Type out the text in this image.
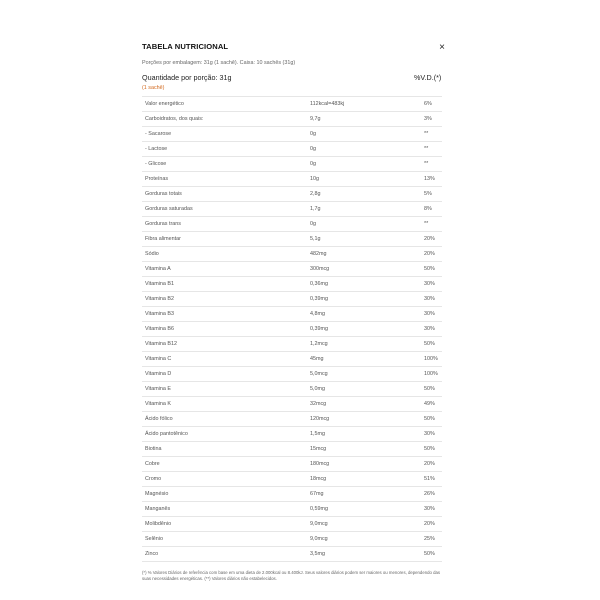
TABELA NUTRICIONAL	×
Porções por embalagem: 31g (1 sachê). Caixa: 10 sachês (31g)
Quantidade por porção: 31g	%V.D.(*)
(1 sachê)
Valor energético	112kcal=483kj	6%
Carboidratos, dos quais:	9,7g	3%
- Sacarose	0g	**
- Lactose	0g	**
- Glicose	0g	**
Proteínas	10g	13%
Gorduras totais	2,8g	5%
Gorduras saturadas	1,7g	8%
Gorduras trans	0g	**
Fibra alimentar	5,1g	20%
Sódio	482mg	20%
Vitamina A	300mcg	50%
Vitamina B1	0,36mg	30%
Vitamina B2	0,39mg	30%
Vitamina B3	4,8mg	30%
Vitamina B6	0,39mg	30%
Vitamina B12	1,2mcg	50%
Vitamina C	45mg	100%
Vitamina D	5,0mcg	100%
Vitamina E	5,0mg	50%
Vitamina K	32mcg	49%
Ácido fólico	120mcg	50%
Ácido pantotênico	1,5mg	30%
Biotina	15mcg	50%
Cobre	180mcg	20%
Cromo	18mcg	51%
Magnésio	67mg	26%
Manganês	0,59mg	30%
Molibdênio	9,0mcg	20%
Selênio	9,0mcg	25%
Zinco	3,5mg	50%
(*) % Valores Diários de referência com base em uma dieta de 2.000kcal ou 8.400kJ. Seus valores diários podem ser maiores ou menores, dependendo das suas necessidades energéticas. (**) Valores diários não estabelecidos.
